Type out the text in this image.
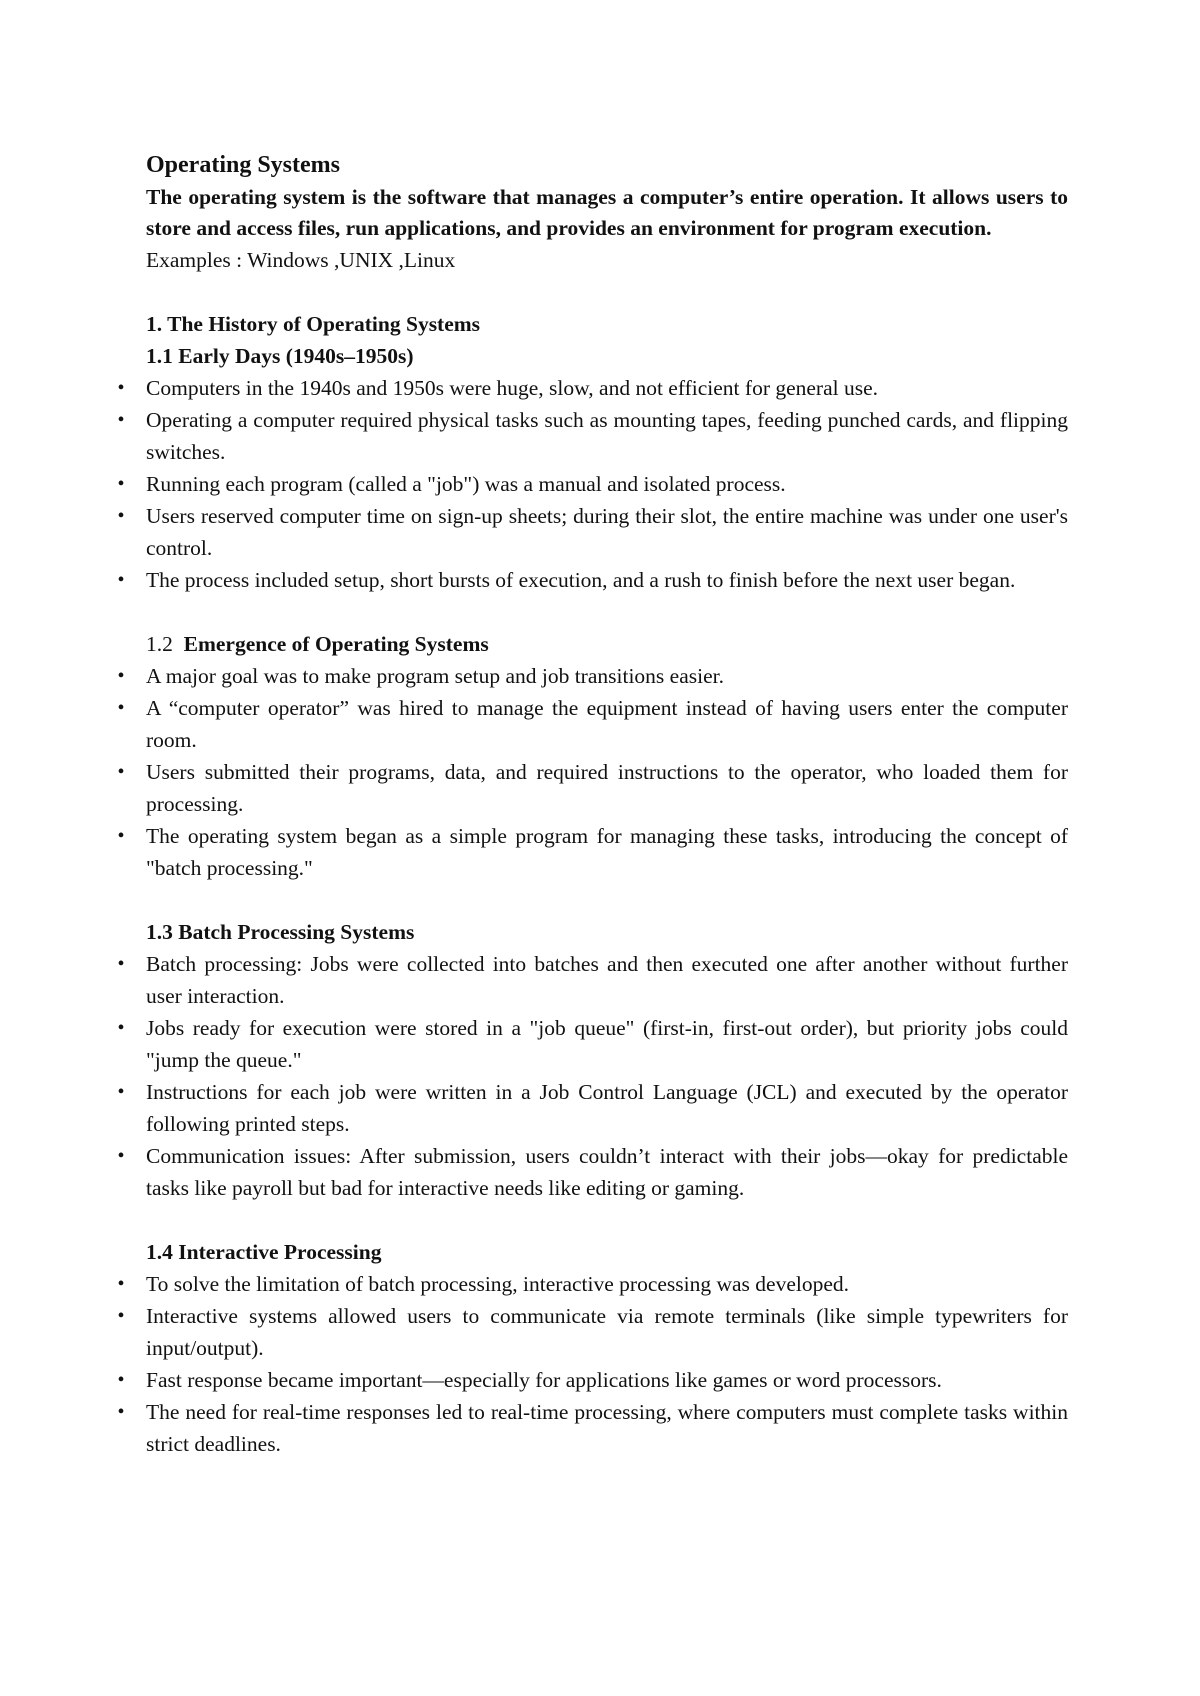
Operating Systems

The operating system is the software that manages a computer’s entire operation. It allows users to store and access files, run applications, and provides an environment for program execution.

Examples : Windows ,UNIX ,Linux

1. The History of Operating Systems

1.1 Early Days (1940s–1950s)

• Computers in the 1940s and 1950s were huge, slow, and not efficient for general use.
• Operating a computer required physical tasks such as mounting tapes, feeding punched cards, and flipping switches.
• Running each program (called a "job") was a manual and isolated process.
• Users reserved computer time on sign-up sheets; during their slot, the entire machine was under one user's control.
• The process included setup, short bursts of execution, and a rush to finish before the next user began.

1.2 Emergence of Operating Systems

• A major goal was to make program setup and job transitions easier.
• A “computer operator” was hired to manage the equipment instead of having users enter the computer room.
• Users submitted their programs, data, and required instructions to the operator, who loaded them for processing.
• The operating system began as a simple program for managing these tasks, introducing the concept of "batch processing."

1.3 Batch Processing Systems

• Batch processing: Jobs were collected into batches and then executed one after another without further user interaction.
• Jobs ready for execution were stored in a "job queue" (first-in, first-out order), but priority jobs could "jump the queue."
• Instructions for each job were written in a Job Control Language (JCL) and executed by the operator following printed steps.
• Communication issues: After submission, users couldn’t interact with their jobs—okay for predictable tasks like payroll but bad for interactive needs like editing or gaming.

1.4 Interactive Processing

• To solve the limitation of batch processing, interactive processing was developed.
• Interactive systems allowed users to communicate via remote terminals (like simple typewriters for input/output).
• Fast response became important—especially for applications like games or word processors.
• The need for real-time responses led to real-time processing, where computers must complete tasks within strict deadlines.
